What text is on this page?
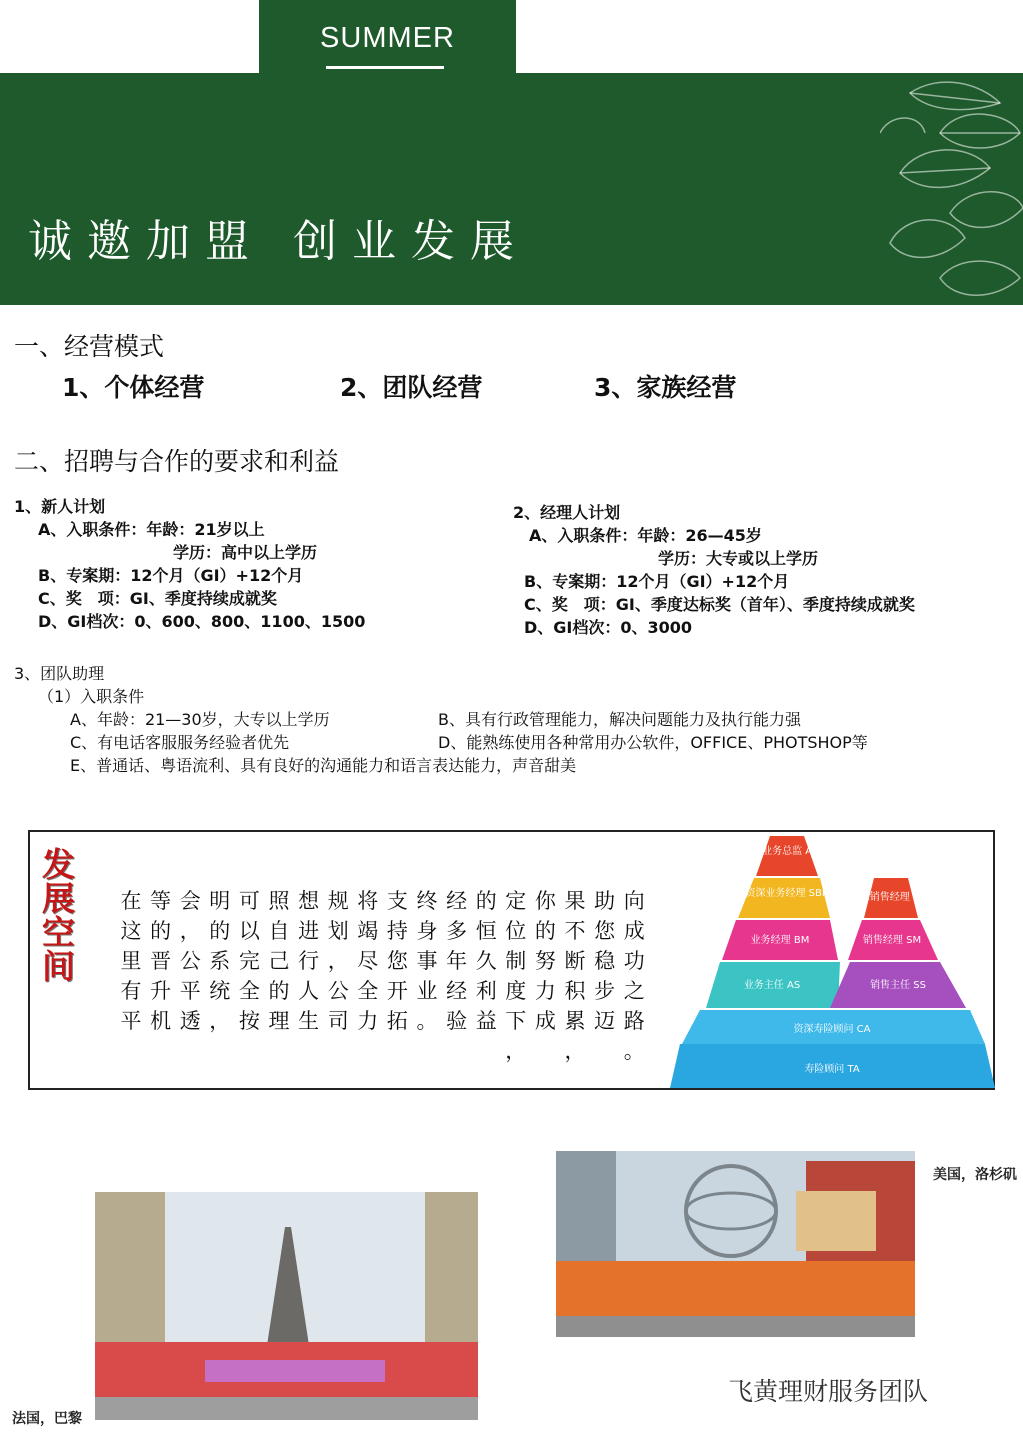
SUMMER
诚邀加盟 创业发展
一、经营模式
1、个体经营	2、团队经营	3、家族经营
二、招聘与合作的要求和利益
1、新人计划
A、入职条件：年龄：21岁以上
学历：高中以上学历
B、专案期：12个月（GI）+12个月
C、奖　项：GI、季度持续成就奖
D、GI档次：0、600、800、1100、1500
2、经理人计划
A、入职条件：年龄：26—45岁
学历：大专或以上学历
B、专案期：12个月（GI）+12个月
C、奖　项：GI、季度达标奖（首年）、季度持续成就奖
D、GI档次：0、3000
3、团队助理
（1）入职条件
A、年龄：21—30岁，大专以上学历	B、具有行政管理能力，解决问题能力及执行能力强
C、有电话客服服务经验者优先	D、能熟练使用各种常用办公软件，OFFICE、PHOTSHOP等
E、普通话、粤语流利、具有良好的沟通能力和语言表达能力，声音甜美
发展空间
在
这
里
有
平
等
的
晋
升
机
会
，
公
平
透
明
的
系
统
，
可
以
完
全
按
照
自
己
的
理
想
进
行
人
生
规
划
，
公
司
将
竭
尽
全
力
支
持
您
开
拓
终
身
事
业
。
经
多
年
经
验
的
恒
久
利
益
定
位
制
度
下
，
你
的
努
力
成
果
不
断
积
累
，
助
您
稳
步
迈
向
成
功
之
路
。
业务总监 AD
资深业务经理 SBM
业务经理 BM
业务主任 AS
资深销售经理 SSM
销售经理 SM
销售主任 SS
资深寿险顾问 CA
寿险顾问 TA
美国，洛杉矶
法国，巴黎
飞黄理财服务团队
